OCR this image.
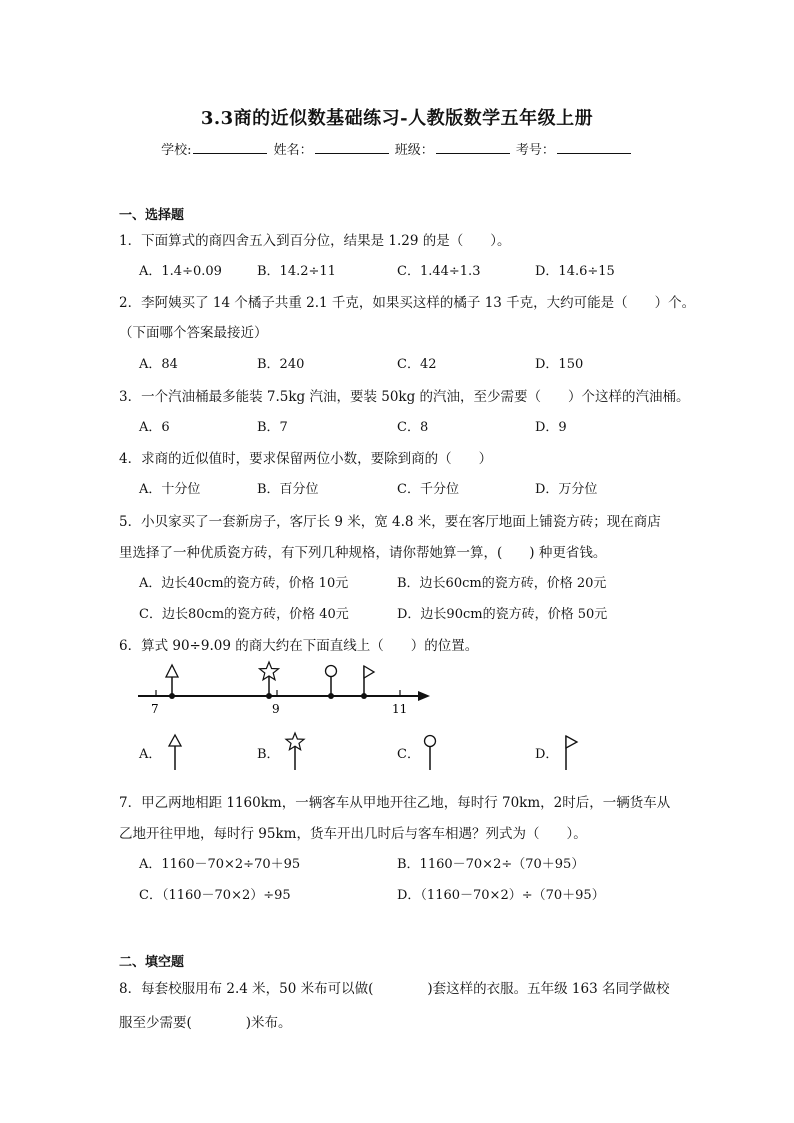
3.3商的近似数基础练习-人教版数学五年级上册
学校:	姓名：	班级：	考号：
一、选择题
1．下面算式的商四舍五入到百分位，结果是 1.29 的是（　　）。
A．1.4÷0.09	B．14.2÷11	C．1.44÷1.3	D．14.6÷15
2．李阿姨买了 14 个橘子共重 2.1 千克，如果买这样的橘子 13 千克，大约可能是（　　）个。
（下面哪个答案最接近）
A．84	B．240	C．42	D．150
3．一个汽油桶最多能装 7.5kg 汽油，要装 50kg 的汽油，至少需要（　　）个这样的汽油桶。
A．6	B．7	C．8	D．9
4．求商的近似值时，要求保留两位小数，要除到商的（　　）
A．十分位	B．百分位	C．千分位	D．万分位
5．小贝家买了一套新房子，客厅长 9 米，宽 4.8 米，要在客厅地面上铺瓷方砖；现在商店
里选择了一种优质瓷方砖，有下列几种规格，请你帮她算一算，(　　) 种更省钱。
A．边长40cm的瓷方砖，价格 10元	B．边长60cm的瓷方砖，价格 20元
C．边长80cm的瓷方砖，价格 40元	D．边长90cm的瓷方砖，价格 50元
6．算式 90÷9.09 的商大约在下面直线上（　　）的位置。
7	9	11
A．	B．	C．	D．
7．甲乙两地相距 1160km，一辆客车从甲地开往乙地，每时行 70km，2时后，一辆货车从
乙地开往甲地，每时行 95km，货车开出几时后与客车相遇？列式为（　　）。
A．1160－70×2÷70＋95	B．1160－70×2÷（70＋95）
C．（1160－70×2）÷95	D．（1160－70×2）÷（70＋95）
二、填空题
8．每套校服用布 2.4 米，50 米布可以做(　　　　)套这样的衣服。五年级 163 名同学做校
服至少需要(　　　　)米布。
